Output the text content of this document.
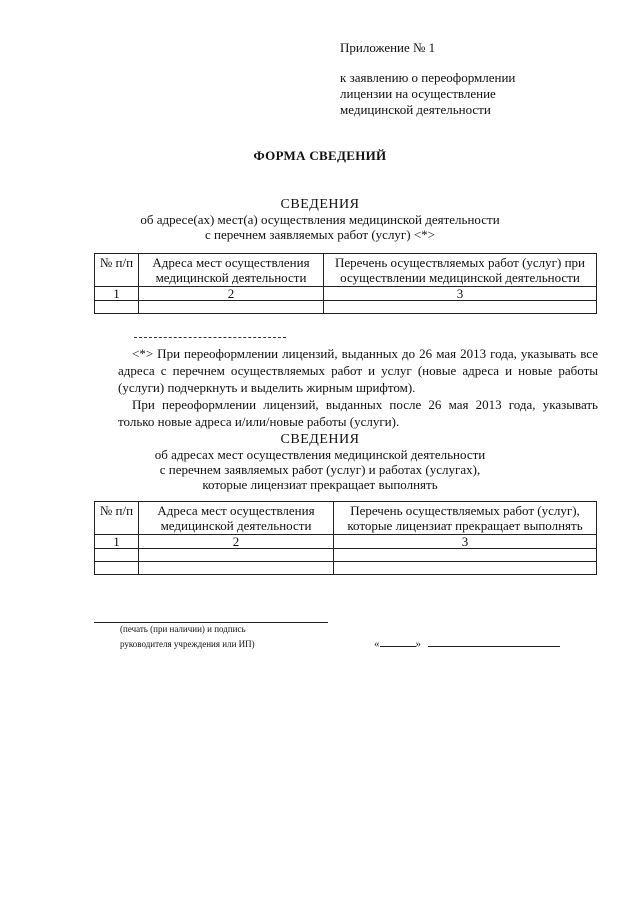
Приложение № 1
к заявлению о переоформлении
лицензии на осуществление
медицинской деятельности
ФОРМА СВЕДЕНИЙ
СВЕДЕНИЯ
об адресе(ах) мест(а) осуществления медицинской деятельности
с перечнем заявляемых работ (услуг) <*>
№ п/п	Адреса мест осуществления медицинской деятельности	Перечень осуществляемых работ (услуг) при осуществлении медицинской деятельности
1	2	3

<*> При переоформлении лицензий, выданных до 26 мая 2013 года, указывать все адреса с перечнем осуществляемых работ и услуг (новые адреса и новые работы (услуги) подчеркнуть и выделить жирным шрифтом).

При переоформлении лицензий, выданных после 26 мая 2013 года, указывать только новые адреса и/или/новые работы (услуги).

СВЕДЕНИЯ
об адресах мест осуществления медицинской деятельности
с перечнем заявляемых работ (услуг) и работах (услугах),
которые лицензиат прекращает выполнять
№ п/п	Адреса мест осуществления медицинской деятельности	Перечень осуществляемых работ (услуг), которые лицензиат прекращает выполнять
1	2	3

(печать (при наличии) и подпись
руководителя учреждения или ИП)	«	»
